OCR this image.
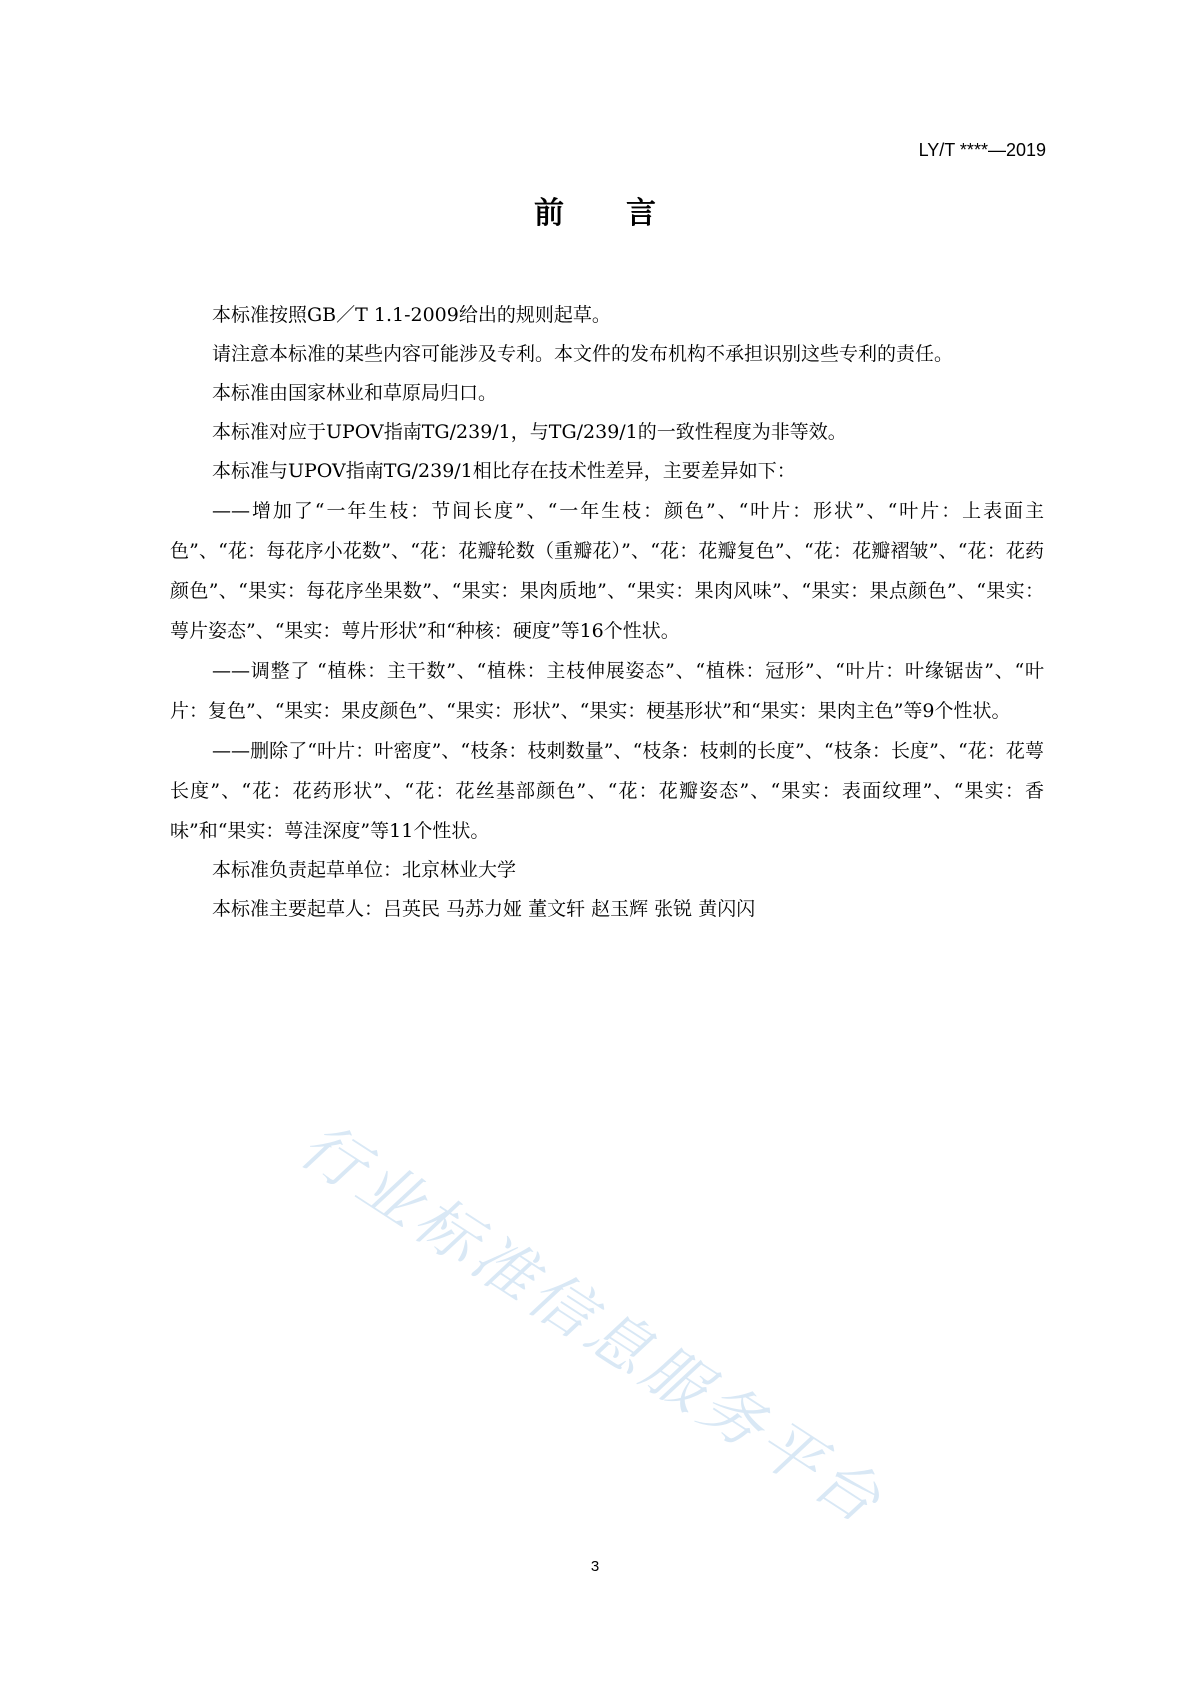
LY/T ****—2019
前言

本标准按照GB／T 1.1-2009给出的规则起草。

请注意本标准的某些内容可能涉及专利。本文件的发布机构不承担识别这些专利的责任。

本标准由国家林业和草原局归口。

本标准对应于UPOV指南TG/239/1，与TG/239/1的一致性程度为非等效。

本标准与UPOV指南TG/239/1相比存在技术性差异，主要差异如下：

——增加了“一年生枝：节间长度”、“一年生枝：颜色”、“叶片：形状”、“叶片：上表面主色”、“花：每花序小花数”、“花：花瓣轮数（重瓣花）”、“花：花瓣复色”、“花：花瓣褶皱”、“花：花药颜色”、“果实：每花序坐果数”、“果实：果肉质地”、“果实：果肉风味”、“果实：果点颜色”、“果实：萼片姿态”、“果实：萼片形状”和“种核：硬度”等16个性状。

——调整了 “植株：主干数”、“植株：主枝伸展姿态”、“植株：冠形”、“叶片：叶缘锯齿”、“叶片：复色”、“果实：果皮颜色”、“果实：形状”、“果实：梗基形状”和“果实：果肉主色”等9个性状。

——删除了“叶片：叶密度”、“枝条：枝刺数量”、“枝条：枝刺的长度”、“枝条：长度”、“花：花萼长度”、“花：花药形状”、“花：花丝基部颜色”、“花：花瓣姿态”、“果实：表面纹理”、“果实：香味”和“果实：萼洼深度”等11个性状。

本标准负责起草单位：北京林业大学

本标准主要起草人：吕英民 马苏力娅 董文轩 赵玉辉 张锐 黄闪闪

行业标准信息服务平台
3
